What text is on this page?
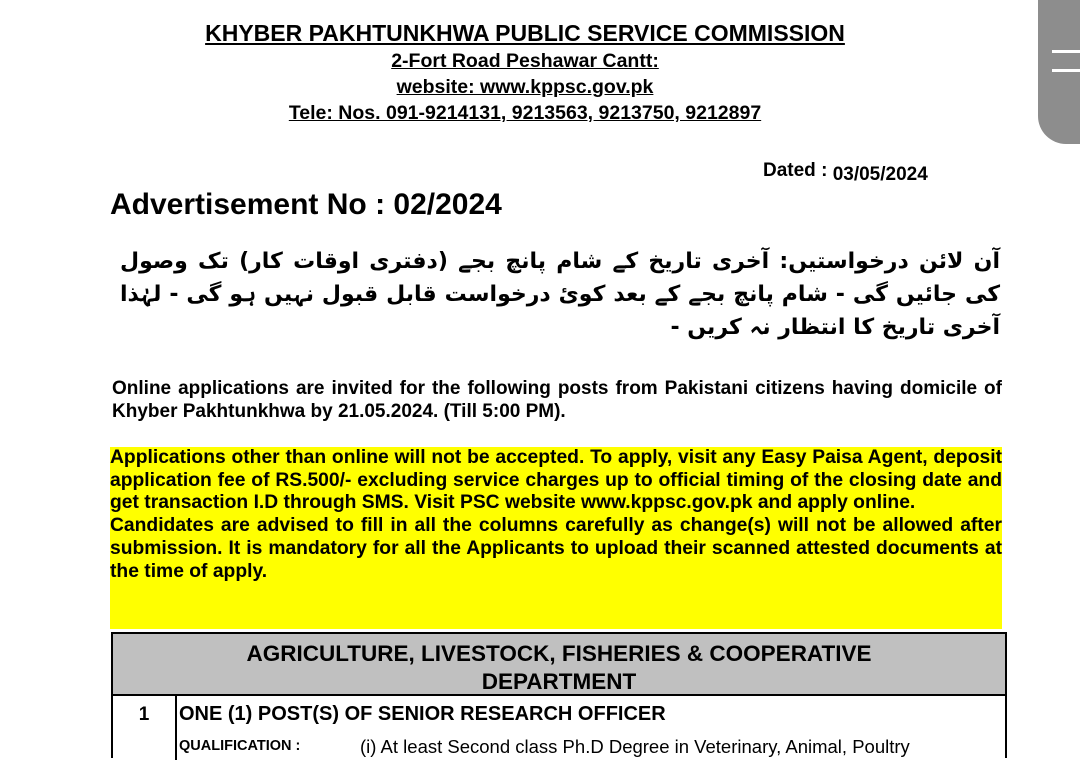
KHYBER PAKHTUNKHWA PUBLIC SERVICE COMMISSION
2-Fort Road Peshawar Cantt:
website: www.kppsc.gov.pk
Tele: Nos. 091-9214131, 9213563, 9213750, 9212897
Dated : 03/05/2024
Advertisement No : 02/2024
آن لائن درخواستیں: آخری تاریخ کے شام پانچ بجے (دفتری اوقات کار) تک وصول کی جائیں گی - شام پانچ بجے کے بعد کوئ درخواست قابل قبول نہیں ہو گی - لہٰذا آخری تاریخ کا انتظار نہ کریں -
Online applications are invited for the following posts from Pakistani citizens having domicile of Khyber Pakhtunkhwa by 21.05.2024. (Till 5:00 PM).

Applications other than online will not be accepted. To apply, visit any Easy Paisa Agent, deposit application fee of RS.500/- excluding service charges up to official timing of the closing date and get transaction I.D through SMS. Visit PSC website www.kppsc.gov.pk and apply online.

Candidates are advised to fill in all the columns carefully as change(s) will not be allowed after submission. It is mandatory for all the Applicants to upload their scanned attested documents at the time of apply.

AGRICULTURE, LIVESTOCK, FISHERIES & COOPERATIVE
DEPARTMENT
1	ONE (1) POST(S) OF SENIOR RESEARCH OFFICER
QUALIFICATION :	(i) At least Second class Ph.D Degree in Veterinary, Animal, Poultry
